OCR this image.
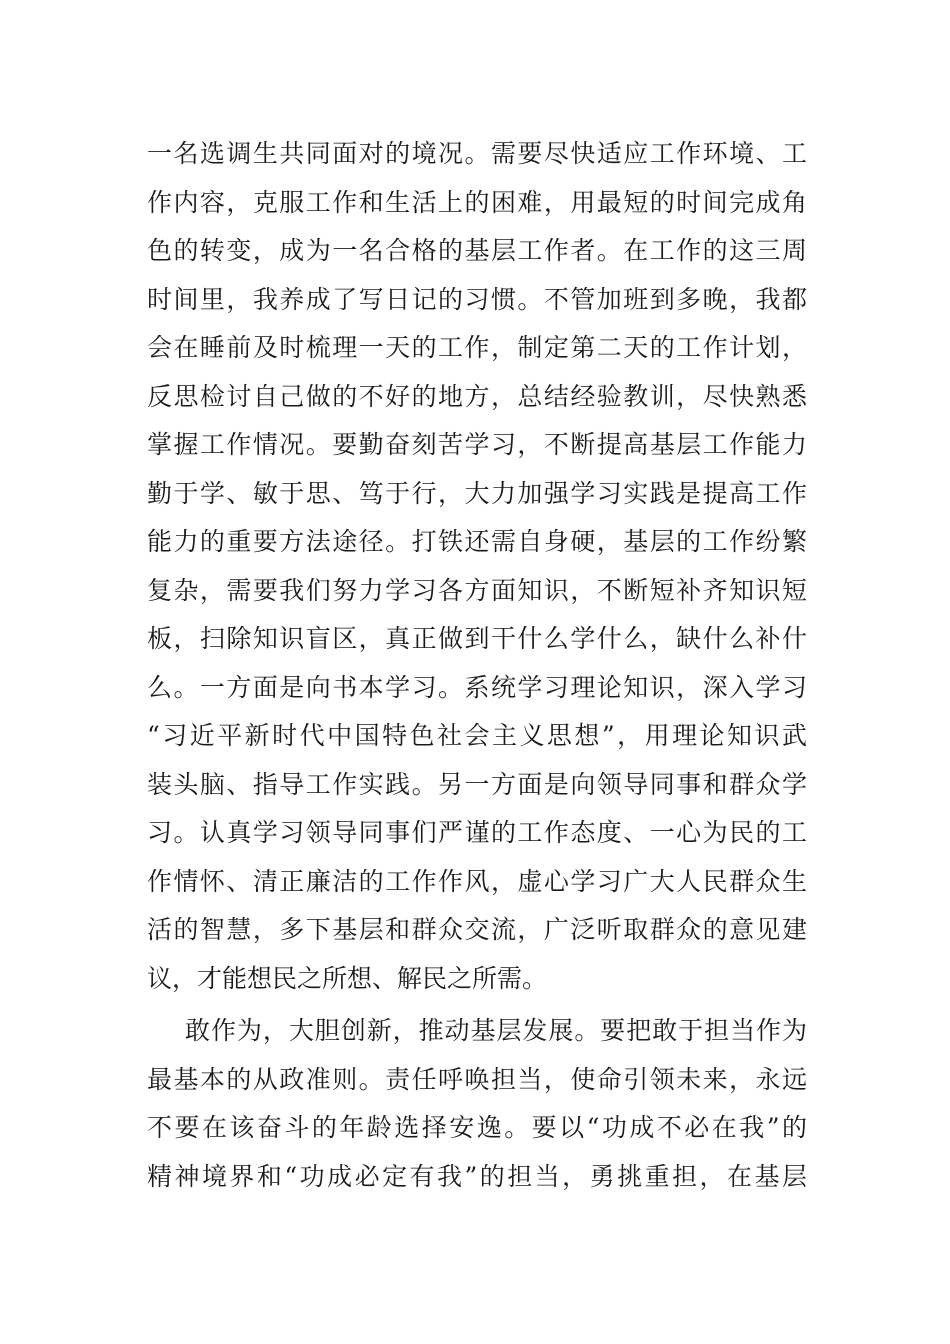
一名选调生共同面对的境况。需要尽快适应工作环境、工
作内容，克服工作和生活上的困难，用最短的时间完成角
色的转变，成为一名合格的基层工作者。在工作的这三周
时间里，我养成了写日记的习惯。不管加班到多晚，我都
会在睡前及时梳理一天的工作，制定第二天的工作计划，
反思检讨自己做的不好的地方，总结经验教训，尽快熟悉
掌握工作情况。要勤奋刻苦学习，不断提高基层工作能力
勤于学、敏于思、笃于行，大力加强学习实践是提高工作
能力的重要方法途径。打铁还需自身硬，基层的工作纷繁
复杂，需要我们努力学习各方面知识，不断短补齐知识短
板，扫除知识盲区，真正做到干什么学什么，缺什么补什
么。一方面是向书本学习。系统学习理论知识，深入学习
“习近平新时代中国特色社会主义思想”，用理论知识武
装头脑、指导工作实践。另一方面是向领导同事和群众学
习。认真学习领导同事们严谨的工作态度、一心为民的工
作情怀、清正廉洁的工作作风，虚心学习广大人民群众生
活的智慧，多下基层和群众交流，广泛听取群众的意见建
议，才能想民之所想、解民之所需。
敢作为，大胆创新，推动基层发展。要把敢于担当作为
最基本的从政准则。责任呼唤担当，使命引领未来，永远
不要在该奋斗的年龄选择安逸。要以“功成不必在我”的
精神境界和“功成必定有我”的担当，勇挑重担，在基层
